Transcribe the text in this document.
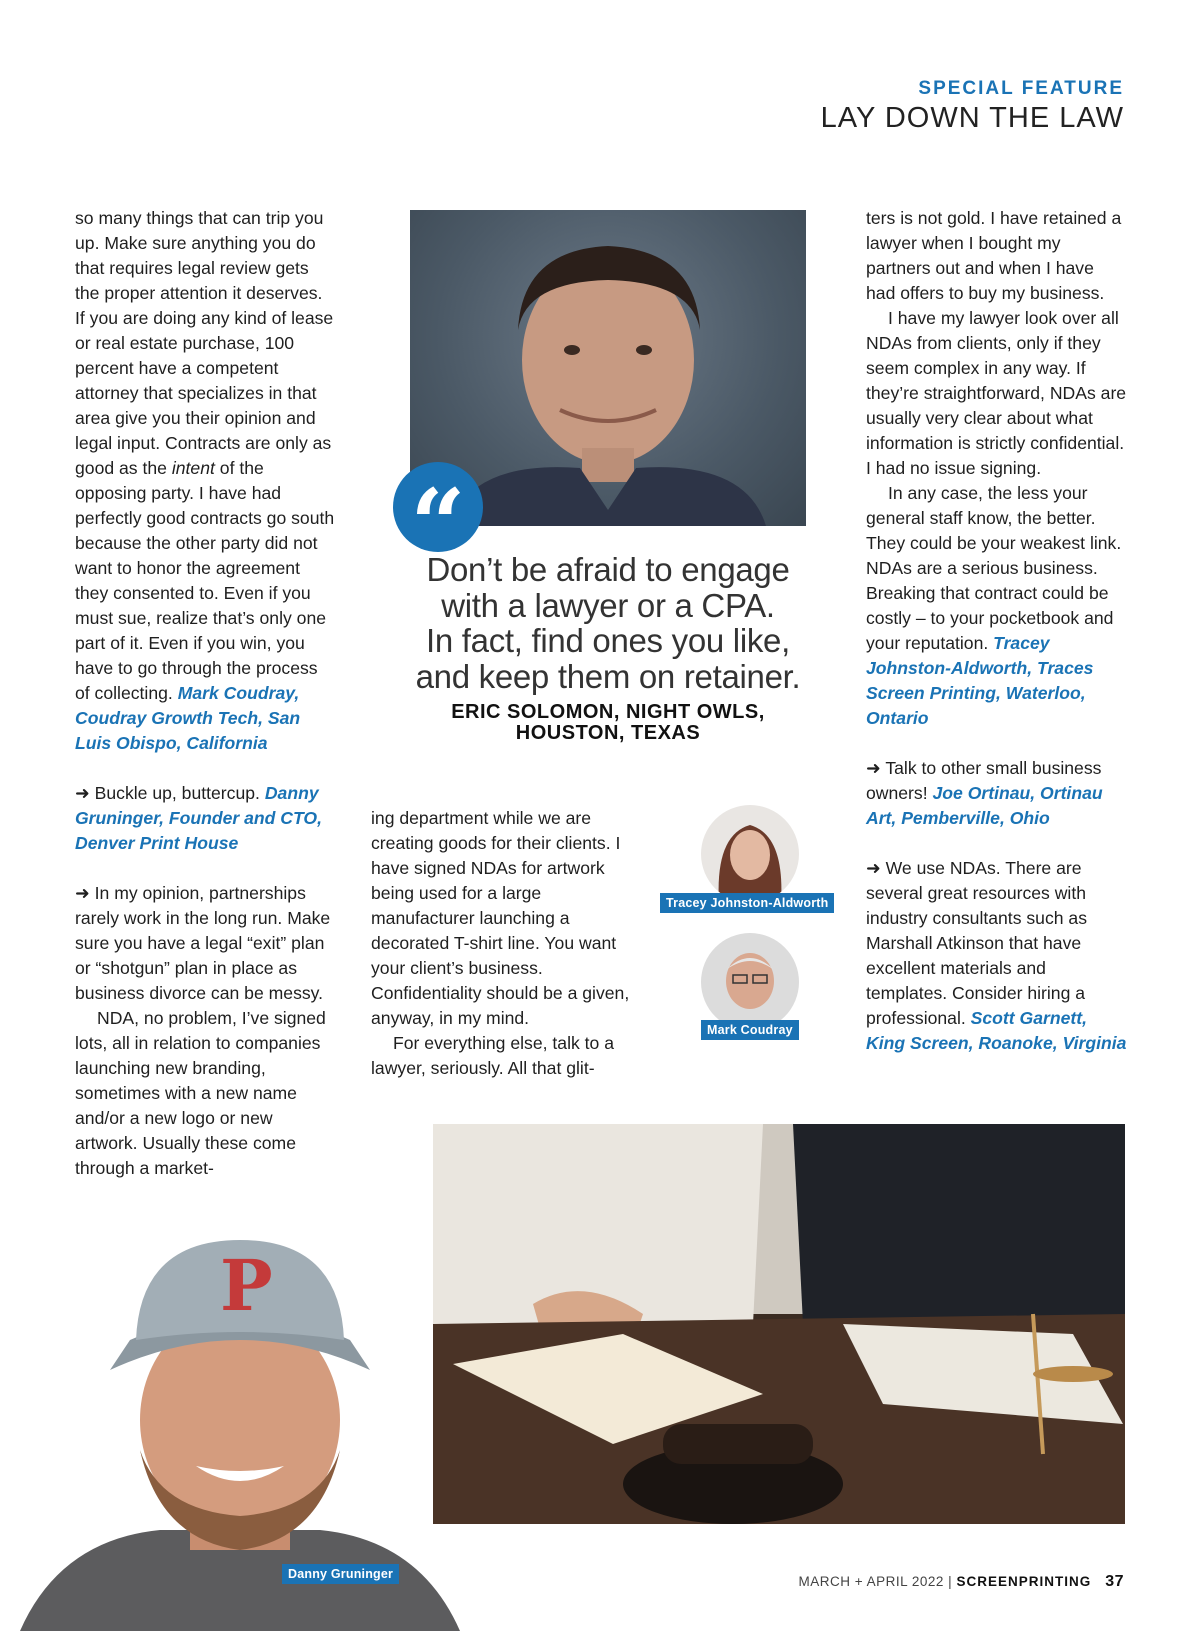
SPECIAL FEATURE
LAY DOWN THE LAW

so many things that can trip you up. Make sure anything you do that requires legal review gets the proper attention it deserves. If you are doing any kind of lease or real estate purchase, 100 percent have a competent attorney that specializes in that area give you their opinion and legal input. Contracts are only as good as the intent of the opposing party. I have had perfectly good contracts go south because the other party did not want to honor the agreement they consented to. Even if you must sue, realize that’s only one part of it. Even if you win, you have to go through the process of collecting. Mark Coudray, Coudray Growth Tech, San Luis Obispo, California

➜ Buckle up, buttercup. Danny Gruninger, Founder and CTO, Denver Print House

➜ In my opinion, partnerships rarely work in the long run. Make sure you have a legal “exit” plan or “shotgun” plan in place as business divorce can be messy.

NDA, no problem, I’ve signed lots, all in relation to companies launching new branding, sometimes with a new name and/or a new logo or new artwork. Usually these come through a market-

“
Don’t be afraid to engage
with a lawyer or a CPA.
In fact, find ones you like,
and keep them on retainer.
ERIC SOLOMON, NIGHT OWLS,
HOUSTON, TEXAS

ing department while we are creating goods for their clients. I have signed NDAs for artwork being used for a large manufacturer launching a decorated T-shirt line. You want your client’s business. Confidentiality should be a given, anyway, in my mind.

For everything else, talk to a lawyer, seriously. All that glit-

Tracey Johnston-Aldworth
Mark Coudray

ters is not gold. I have retained a lawyer when I bought my partners out and when I have had offers to buy my business.

I have my lawyer look over all NDAs from clients, only if they seem complex in any way. If they’re straightforward, NDAs are usually very clear about what information is strictly confidential. I had no issue signing.

In any case, the less your general staff know, the better. They could be your weakest link. NDAs are a serious business. Breaking that contract could be costly – to your pocketbook and your reputation. Tracey Johnston-Aldworth, Traces Screen Printing, Waterloo, Ontario

➜ Talk to other small business owners! Joe Ortinau, Ortinau Art, Pemberville, Ohio

➜ We use NDAs. There are several great resources with industry consultants such as Marshall Atkinson that have excellent materials and templates. Consider hiring a professional. Scott Garnett, King Screen, Roanoke, Virginia

P
Danny Gruninger	MARCH + APRIL 2022 | SCREENPRINTING 37
